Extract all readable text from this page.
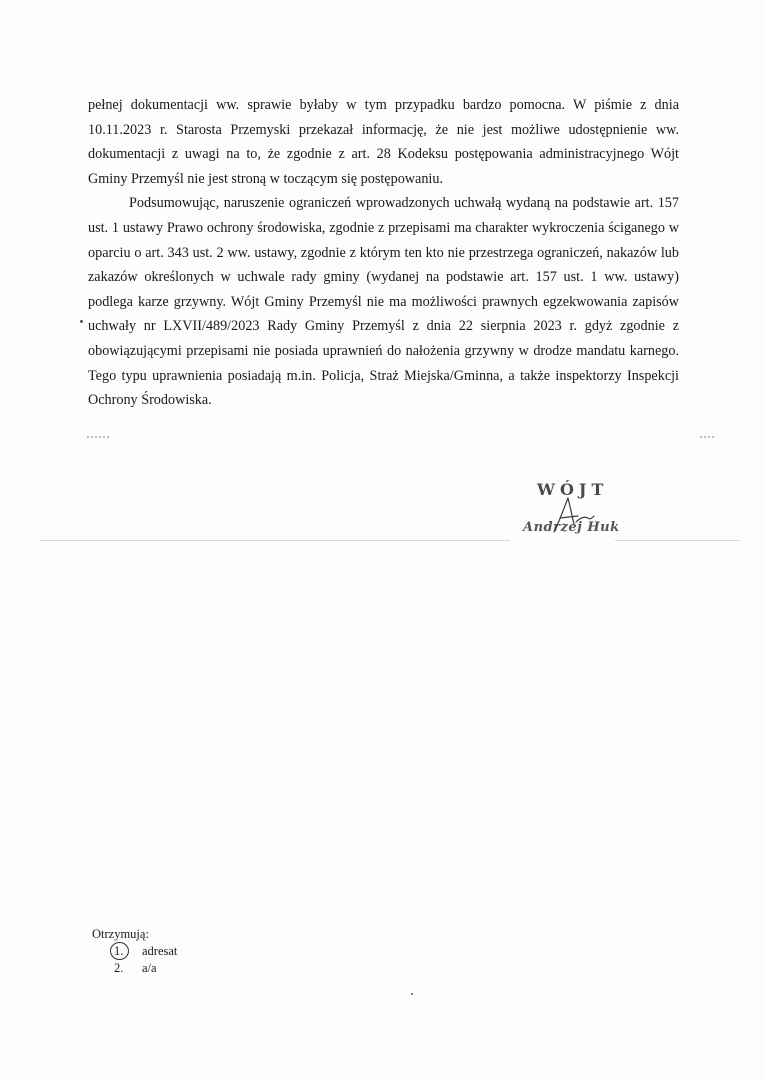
pełnej dokumentacji ww. sprawie byłaby w tym przypadku bardzo pomocna. W piśmie z dnia 10.11.2023 r. Starosta Przemyski przekazał informację, że nie jest możliwe udostępnienie ww. dokumentacji z uwagi na to, że zgodnie z art. 28 Kodeksu postępowania administracyjnego Wójt Gminy Przemyśl nie jest stroną w toczącym się postępowaniu.

Podsumowując, naruszenie ograniczeń wprowadzonych uchwałą wydaną na podstawie art. 157 ust. 1 ustawy Prawo ochrony środowiska, zgodnie z przepisami ma charakter wykroczenia ściganego w oparciu o art. 343 ust. 2 ww. ustawy, zgodnie z którym ten kto nie przestrzega ograniczeń, nakazów lub zakazów określonych w uchwale rady gminy (wydanej na podstawie art. 157 ust. 1 ww. ustawy) podlega karze grzywny. Wójt Gminy Przemyśl nie ma możliwości prawnych egzekwowania zapisów uchwały nr LXVII/489/2023 Rady Gminy Przemyśl z dnia 22 sierpnia 2023 r. gdyż zgodnie z obowiązującymi przepisami nie posiada uprawnień do nałożenia grzywny w drodze mandatu karnego. Tego typu uprawnienia posiadają m.in. Policja, Straż Miejska/Gminna, a także inspektorzy Inspekcji Ochrony Środowiska.

WÓJT
Andrzej Huk

Otrzymują:

1. adresat
2. a/a
